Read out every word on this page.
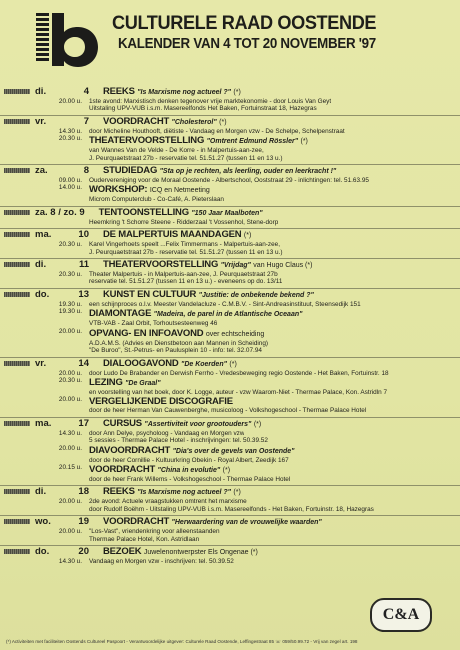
CULTURELE RAAD OOSTENDE
KALENDER VAN 4 TOT 20 NOVEMBER '97
di.	4 REEKS "Is Marxisme nog actueel ?" (*)
20.00 u. 1ste avond: Marxistisch denken tegenover vrije marktekonomie - door Louis Van Geyt
Uitstaling UPV-VUB i.s.m. Masereelfonds Het Baken, Fortuinstraat 18, Hazegras
vr.	7 VOORDRACHT "Cholesterol" (*)
14.30 u. door Micheline Houthooft, diëtiste - Vandaag en Morgen vzw - De Schelpe, Schelpenstraat
20.30 u. THEATERVOORSTELLING "Omtrent Edmund Rössler" (*)
van Wannes Van de Velde - De Korre - in Malpertuis-aan-zee,
J. Peurquaetstraat 27b - reservatie tel. 51.51.27 (tussen 11 en 13 u.)
za.	8 STUDIEDAG "Sta op je rechten, als leerling, ouder en leerkracht !"
09.00 u. Oudervereniging voor de Moraal Oostende - Albertschool, Ooststraat 29 - inlichtingen: tel. 51.63.95
14.00 u. WORKSHOP: ICQ en Netmeeting
Microm Computerclub - Co-Café, A. Pieterslaan
za. 8 / zo. 9 TENTOONSTELLING "150 Jaar Maalboten"
Heemkring 't Schorre Steene - Ridderzaal 't Vossenhol, Stene-dorp
ma.	10 DE MALPERTUIS MAANDAGEN (*)
20.30 u. Karel Vingerhoets speelt ...Felix Timmermans - Malpertuis-aan-zee,
J. Peurquaetstraat 27b - reservatie tel. 51.51.27 (tussen 11 en 13 u.)
di.	11 THEATERVOORSTELLING "Vrijdag" van Hugo Claus (*)
20.30 u. Theater Malpertuis - in Malpertuis-aan-zee, J. Peurquaetstraat 27b
reservatie tel. 51.51.27 (tussen 11 en 13 u.) - eveneens op do. 13/11
do.	13 KUNST EN CULTUUR "Justitie: de onbekende bekend ?"
19.30 u. een schijnproces o.l.v. Meester Vandelacluze - C.M.B.V. - Sint-Andreasinstituut, Steensedijk 151
19.30 u. DIAMONTAGE "Madeira, de parel in de Atlantische Oceaan"
VTB-VAB - Zaal Orbit, Torhoutsesteenweg 46
20.00 u. OPVANG- EN INFOAVOND over echtscheiding
A.D.A.M.S. (Advies en Dienstbetoon aan Mannen in Scheiding)
"De Buroo", St.-Petrus- en Paulusplein 10 - info: tel. 32.07.94
vr.	14 DIALOOGAVOND "De Koerden" (*)
20.00 u. door Ludo De Brabander en Derwish Ferrho - Vredesbeweging regio Oostende - Het Baken, Fortuinstr. 18
20.30 u. LEZING "De Graal"
en voorstelling van het boek, door K. Logge, auteur - vzw Waarom-Niet - Thermae Palace, Kon. Astridln 7
20.00 u. VERGELIJKENDE DISCOGRAFIE
door de heer Herman Van Cauwenberghe, musicoloog - Volkshogeschool - Thermae Palace Hotel
ma.	17 CURSUS "Assertiviteit voor grootouders" (*)
14.30 u. door Ann Delye, psycholoog - Vandaag en Morgen vzw
5 sessies - Thermae Palace Hotel - inschrijvingen: tel. 50.39.52
20.00 u. DIAVOORDRACHT "Dia's over de gevels van Oostende"
door de heer Cornillie - Kultuurkring Obekin - Royal Albert, Zeedijk 167
20.15 u. VOORDRACHT "China in evolutie" (*)
door de heer Frank Willems - Volkshogeschool - Thermae Palace Hotel
di.	18 REEKS "Is Marxisme nog actueel ?" (*)
20.00 u. 2de avond: Actuele vraagstukken omtrent het marxisme
door Rudolf Boëhm - Uitstaling UPV-VUB i.s.m. Masereelfonds - Het Baken, Fortuinstr. 18, Hazegras
wo.	19 VOORDRACHT "Herwaardering van de vrouwelijke waarden"
20.00 u. "Los-Vast", vriendenkring voor alleenstaanden
Thermae Palace Hotel, Kon. Astridlaan
do.	20 BEZOEK Juwelenontwerpster Els Ongenae (*)
14.30 u. Vandaag en Morgen vzw - inschrijven: tel. 50.39.52
C&A
(*) Activiteiten met faciliteiten Oostends Cultureel Paspoort - Verantwoordelijke uitgever: Culturele Raad Oostende, Leffingestraat 85 ☏ 059/50.99.72 - Vrij van zegel art. 198
